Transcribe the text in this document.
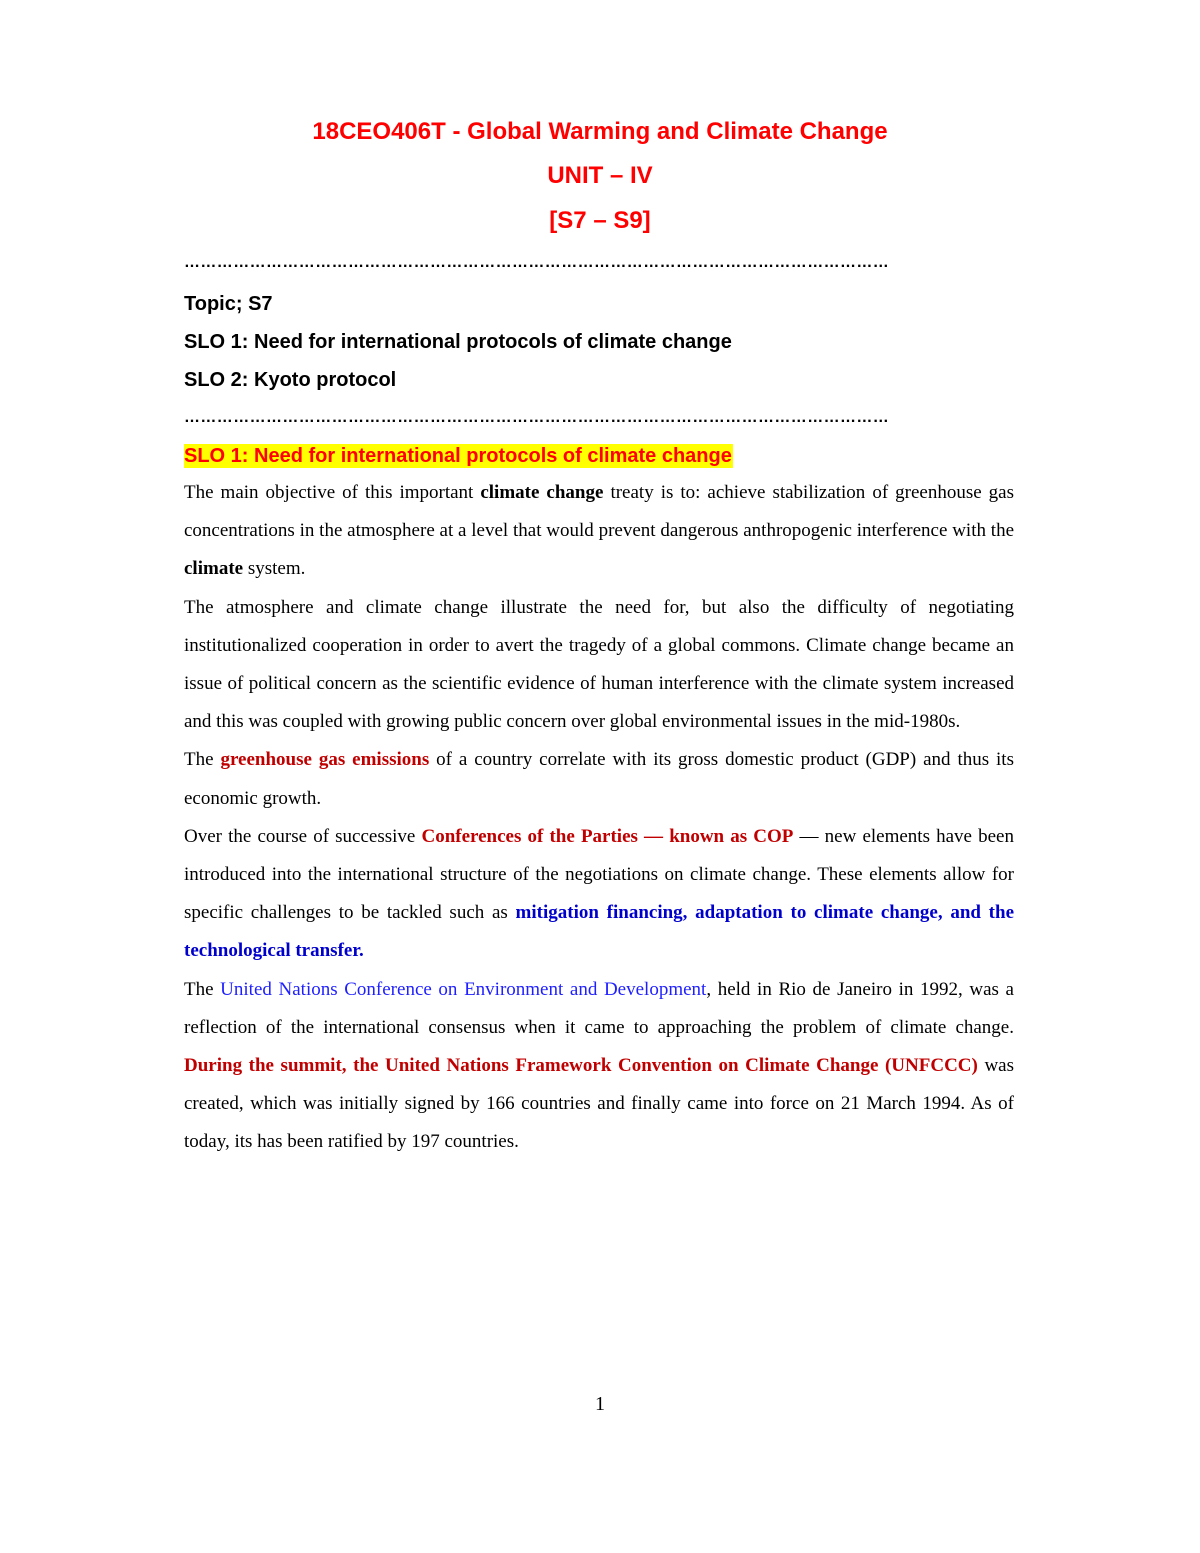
18CEO406T - Global Warming and Climate Change
UNIT – IV
[S7 – S9]
…………………………………………………………………………………………………………………
Topic; S7
SLO 1: Need for international protocols of climate change
SLO 2: Kyoto protocol
…………………………………………………………………………………………………………………
SLO 1: Need for international protocols of climate change

The main objective of this important climate change treaty is to: achieve stabilization of greenhouse gas concentrations in the atmosphere at a level that would prevent dangerous anthropogenic interference with the climate system.

The atmosphere and climate change illustrate the need for, but also the difficulty of negotiating institutionalized cooperation in order to avert the tragedy of a global commons. Climate change became an issue of political concern as the scientific evidence of human interference with the climate system increased and this was coupled with growing public concern over global environmental issues in the mid-1980s.

The greenhouse gas emissions of a country correlate with its gross domestic product (GDP) and thus its economic growth.

Over the course of successive Conferences of the Parties — known as COP — new elements have been introduced into the international structure of the negotiations on climate change. These elements allow for specific challenges to be tackled such as mitigation financing, adaptation to climate change, and the technological transfer.

The United Nations Conference on Environment and Development, held in Rio de Janeiro in 1992, was a reflection of the international consensus when it came to approaching the problem of climate change. During the summit, the United Nations Framework Convention on Climate Change (UNFCCC) was created, which was initially signed by 166 countries and finally came into force on 21 March 1994. As of today, its has been ratified by 197 countries.

1
